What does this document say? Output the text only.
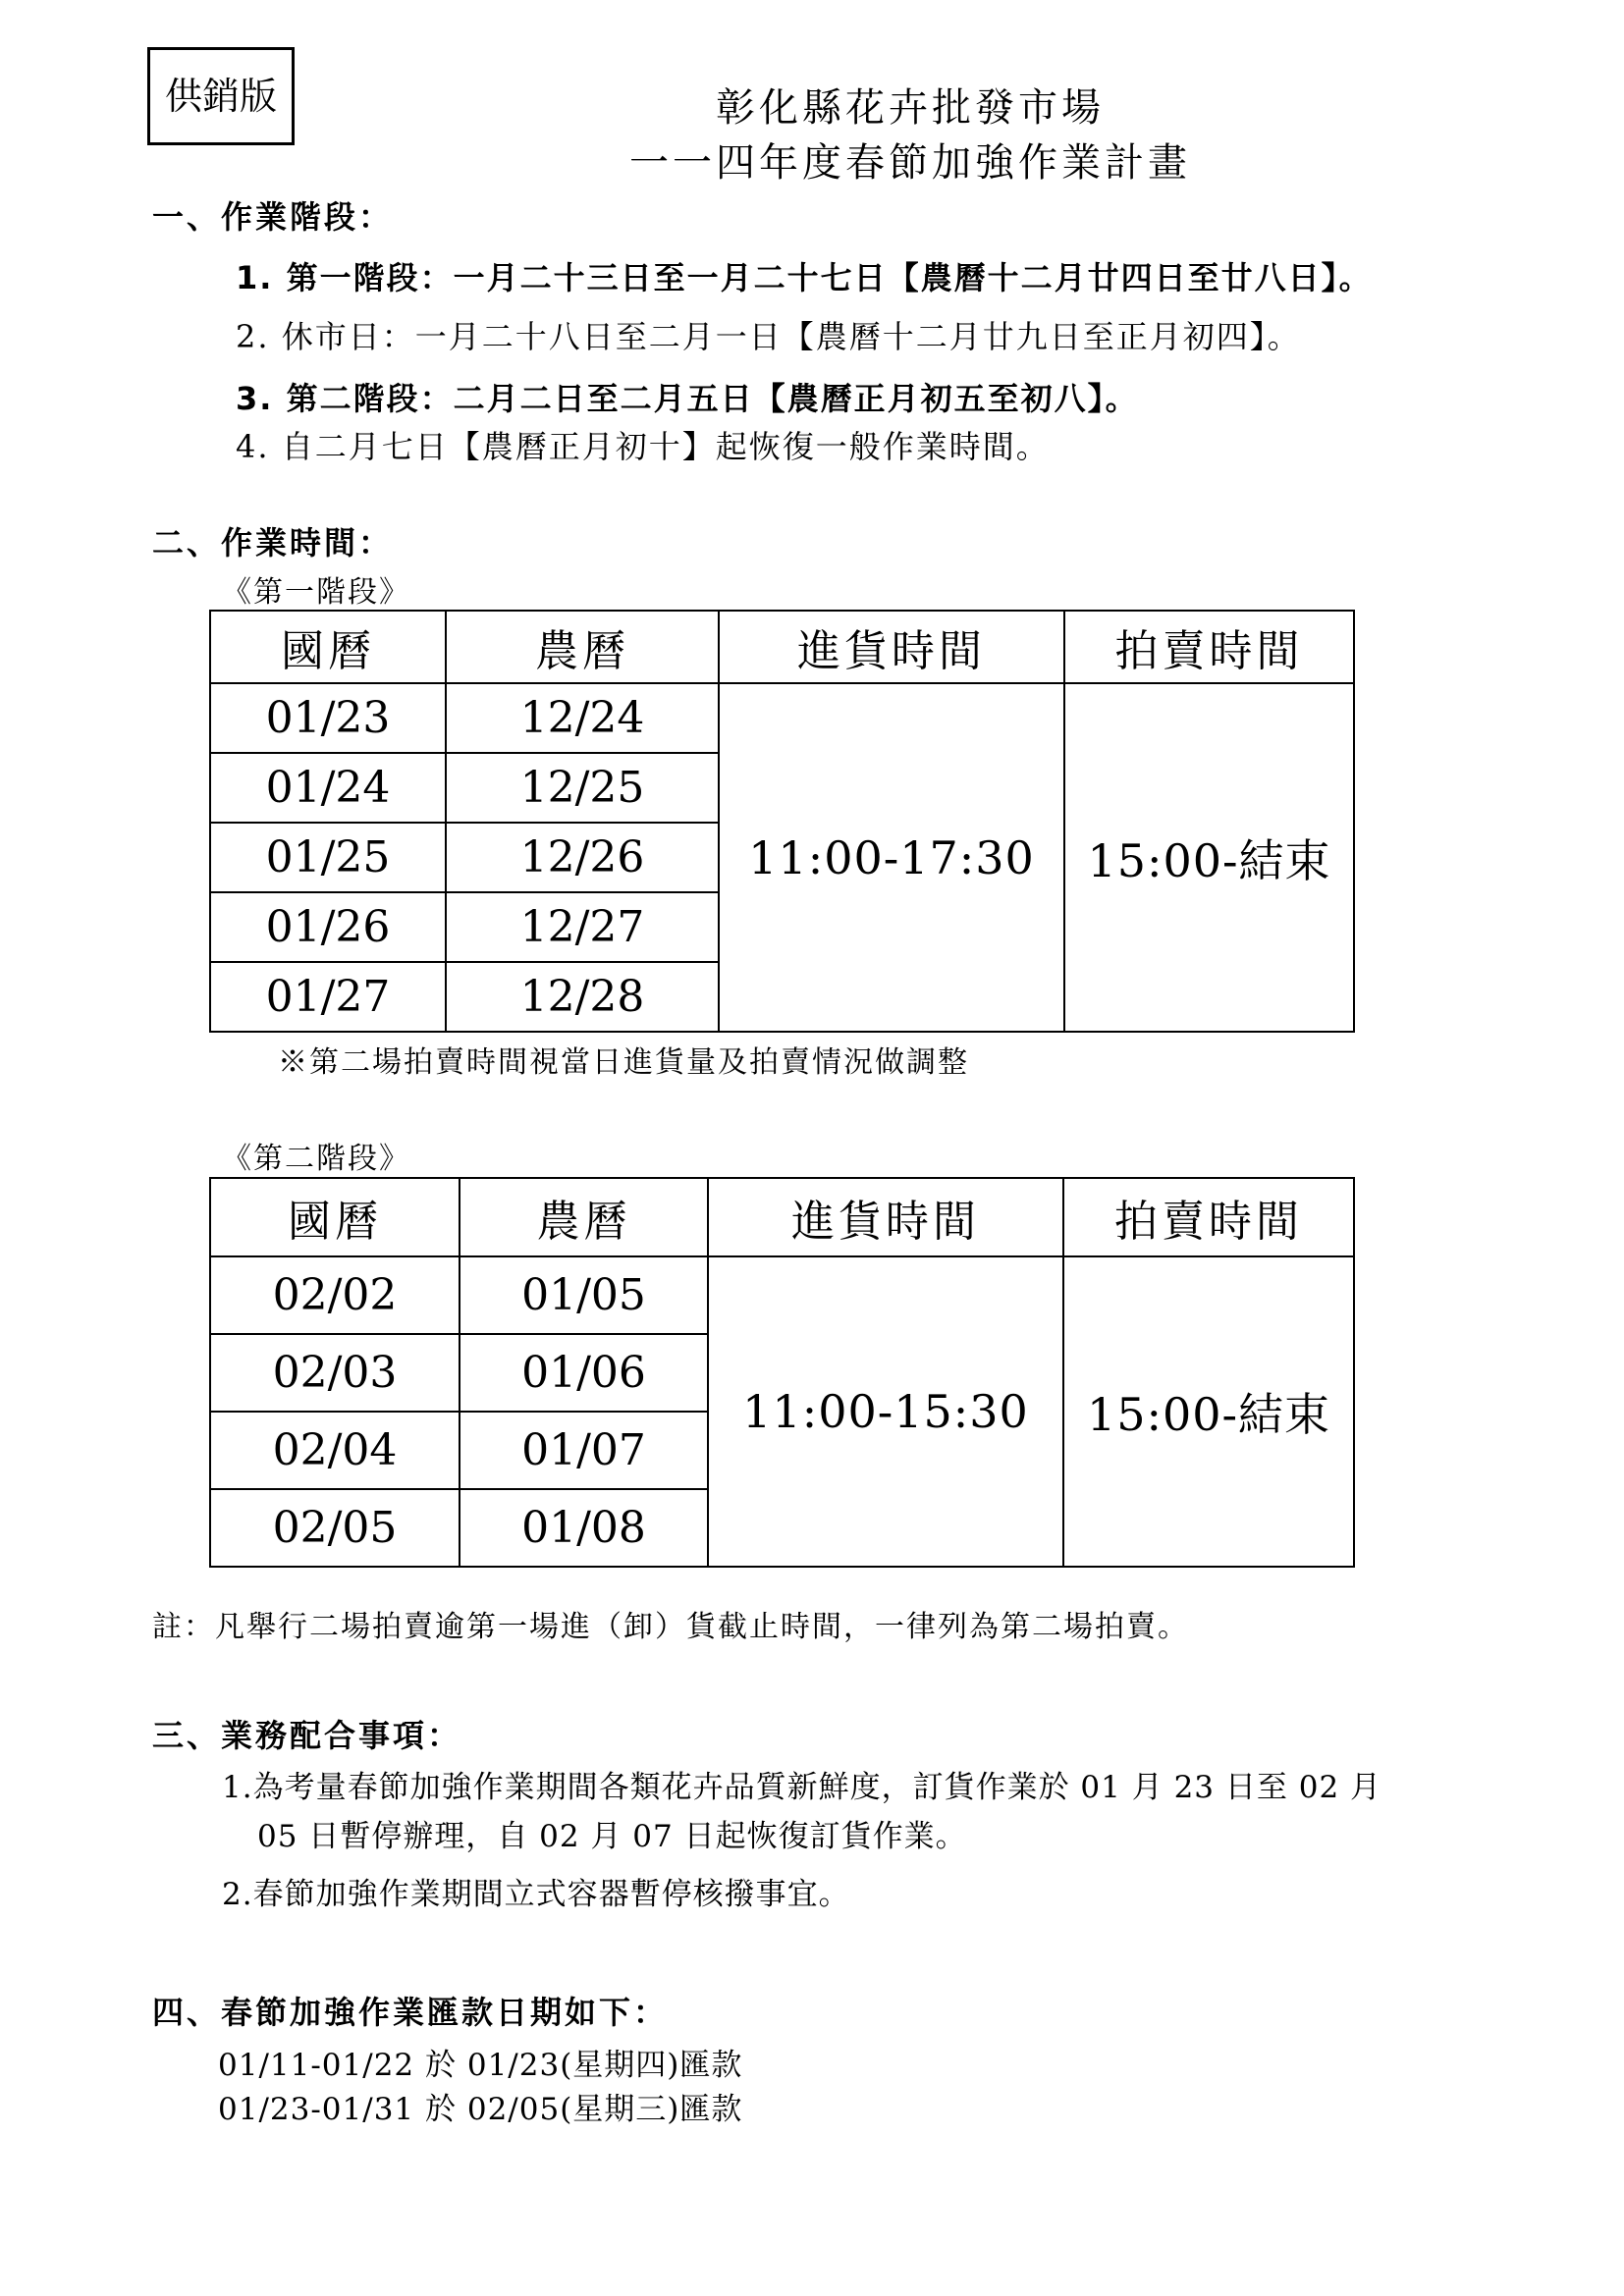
供銷版	彰化縣花卉批發市場
一一四年度春節加強作業計畫
一、作業階段：
1. 第一階段：一月二十三日至一月二十七日【農曆十二月廿四日至廿八日】。
2. 休市日：一月二十八日至二月一日【農曆十二月廿九日至正月初四】。
3. 第二階段：二月二日至二月五日【農曆正月初五至初八】。
4. 自二月七日【農曆正月初十】起恢復一般作業時間。
二、作業時間：
《第一階段》
國曆	農曆	進貨時間	拍賣時間
01/23	12/24	11:00-17:30	15:00-結束
01/24	12/25		
01/25	12/26		
01/26	12/27		
01/27	12/28		
※第二場拍賣時間視當日進貨量及拍賣情況做調整
《第二階段》
國曆	農曆	進貨時間	拍賣時間
02/02	01/05	11:00-15:30	15:00-結束
02/03	01/06		
02/04	01/07		
02/05	01/08		
註：凡舉行二場拍賣逾第一場進（卸）貨截止時間，一律列為第二場拍賣。
三、業務配合事項：
1.為考量春節加強作業期間各類花卉品質新鮮度，訂貨作業於 01 月 23 日至 02 月
05 日暫停辦理，自 02 月 07 日起恢復訂貨作業。
2.春節加強作業期間立式容器暫停核撥事宜。
四、春節加強作業匯款日期如下：
01/11-01/22 於 01/23(星期四)匯款
01/23-01/31 於 02/05(星期三)匯款
